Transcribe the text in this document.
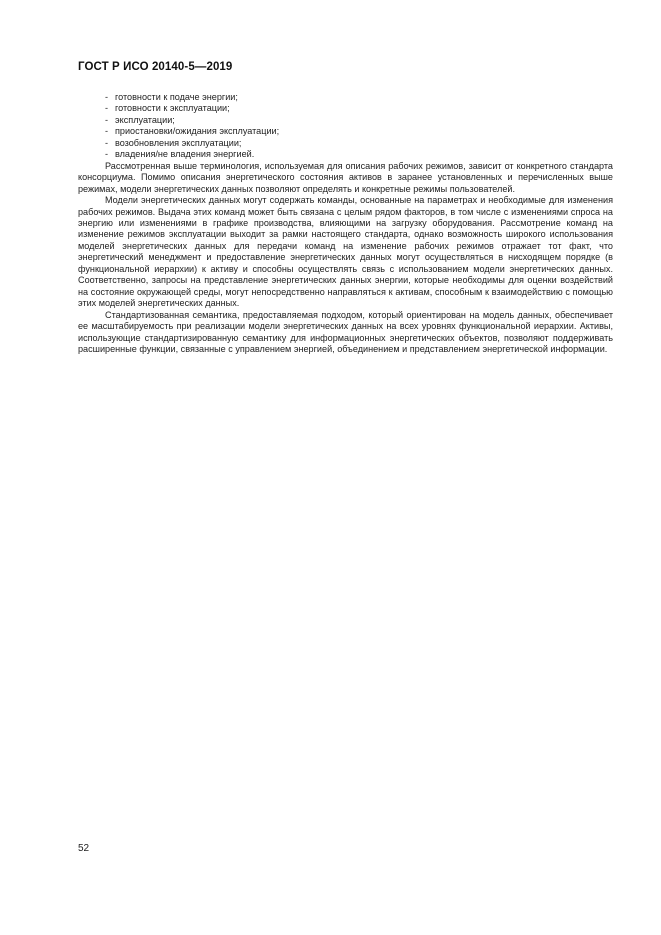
ГОСТ Р ИСО 20140-5—2019
- готовности к подаче энергии;
- готовности к эксплуатации;
- эксплуатации;
- приостановки/ожидания эксплуатации;
- возобновления эксплуатации;
- владения/не владения энергией.

Рассмотренная выше терминология, используемая для описания рабочих режимов, зависит от конкретного стандарта консорциума. Помимо описания энергетического состояния активов в заранее установленных и перечисленных выше режимах, модели энергетических данных позволяют определять и конкретные режимы пользователей.

Модели энергетических данных могут содержать команды, основанные на параметрах и необходимые для изменения рабочих режимов. Выдача этих команд может быть связана с целым рядом факторов, в том числе с изменениями спроса на энергию или изменениями в графике производства, влияющими на загрузку оборудования. Рассмотрение команд на изменение режимов эксплуатации выходит за рамки настоящего стандарта, однако возможность широкого использования моделей энергетических данных для передачи команд на изменение рабочих режимов отражает тот факт, что энергетический менеджмент и предоставление энергетических данных могут осуществляться в нисходящем порядке (в функциональной иерархии) к активу и способны осуществлять связь с использованием модели энергетических данных. Соответственно, запросы на представление энергетических данных энергии, которые необходимы для оценки воздействий на состояние окружающей среды, могут непосредственно направляться к активам, способным к взаимодействию с помощью этих моделей энергетических данных.

Стандартизованная семантика, предоставляемая подходом, который ориентирован на модель данных, обеспечивает ее масштабируемость при реализации модели энергетических данных на всех уровнях функциональной иерархии. Активы, использующие стандартизированную семантику для информационных энергетических объектов, позволяют поддерживать расширенные функции, связанные с управлением энергией, объединением и представлением энергетической информации.

52
